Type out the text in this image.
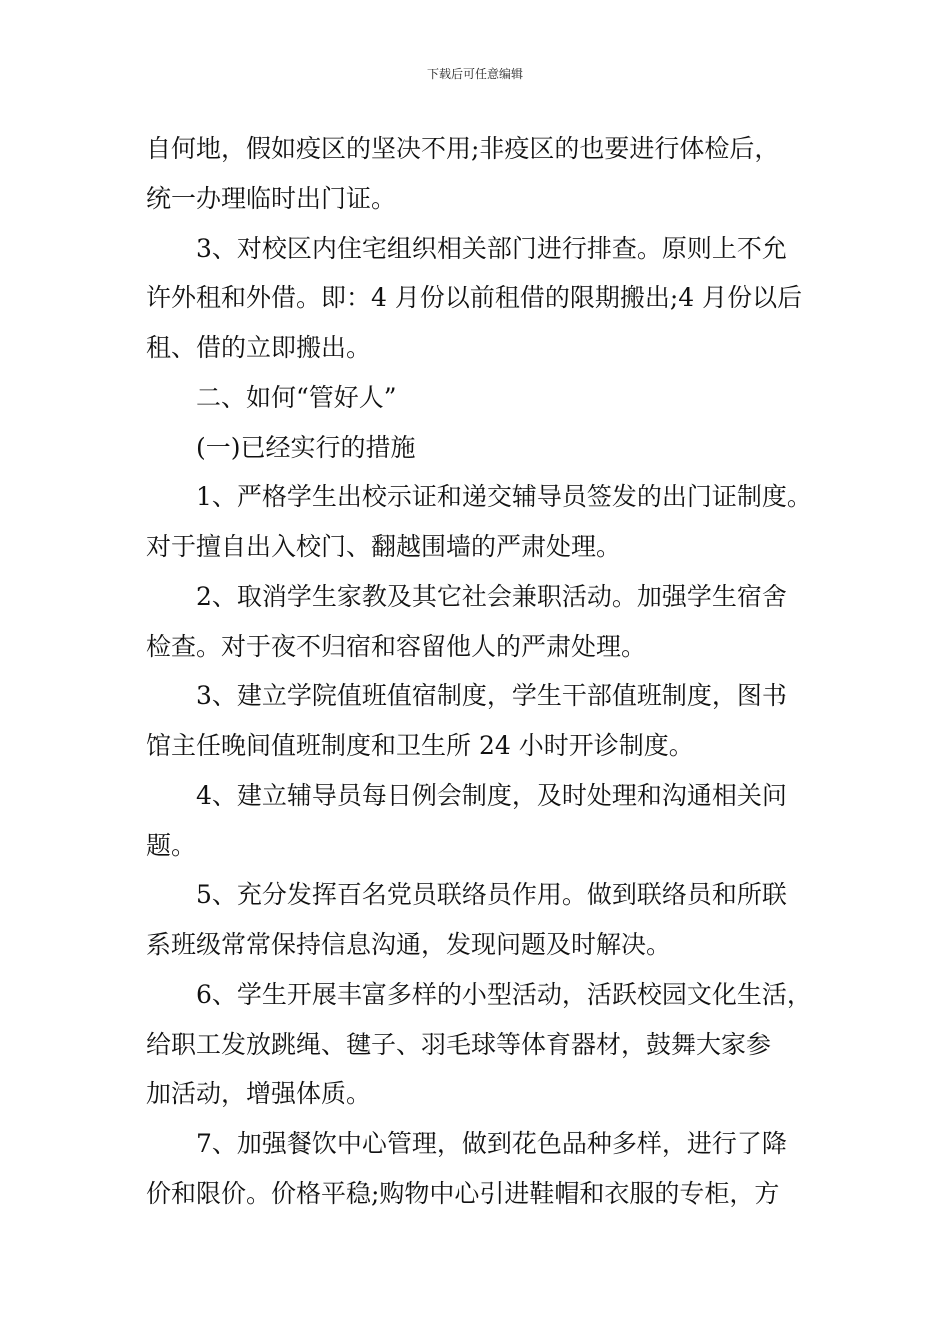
下载后可任意编辑
自何地，假如疫区的坚决不用;非疫区的也要进行体检后，
统一办理临时出门证。
3、对校区内住宅组织相关部门进行排查。原则上不允
许外租和外借。即：4 月份以前租借的限期搬出;4 月份以后
租、借的立即搬出。
二、如何“管好人”
(一)已经实行的措施
1、严格学生出校示证和递交辅导员签发的出门证制度。
对于擅自出入校门、翻越围墙的严肃处理。
2、取消学生家教及其它社会兼职活动。加强学生宿舍
检查。对于夜不归宿和容留他人的严肃处理。
3、建立学院值班值宿制度，学生干部值班制度，图书
馆主任晚间值班制度和卫生所 24 小时开诊制度。
4、建立辅导员每日例会制度，及时处理和沟通相关问
题。
5、充分发挥百名党员联络员作用。做到联络员和所联
系班级常常保持信息沟通，发现问题及时解决。
6、学生开展丰富多样的小型活动，活跃校园文化生活，
给职工发放跳绳、毽子、羽毛球等体育器材，鼓舞大家参
加活动，增强体质。
7、加强餐饮中心管理，做到花色品种多样，进行了降
价和限价。价格平稳;购物中心引进鞋帽和衣服的专柜，方
